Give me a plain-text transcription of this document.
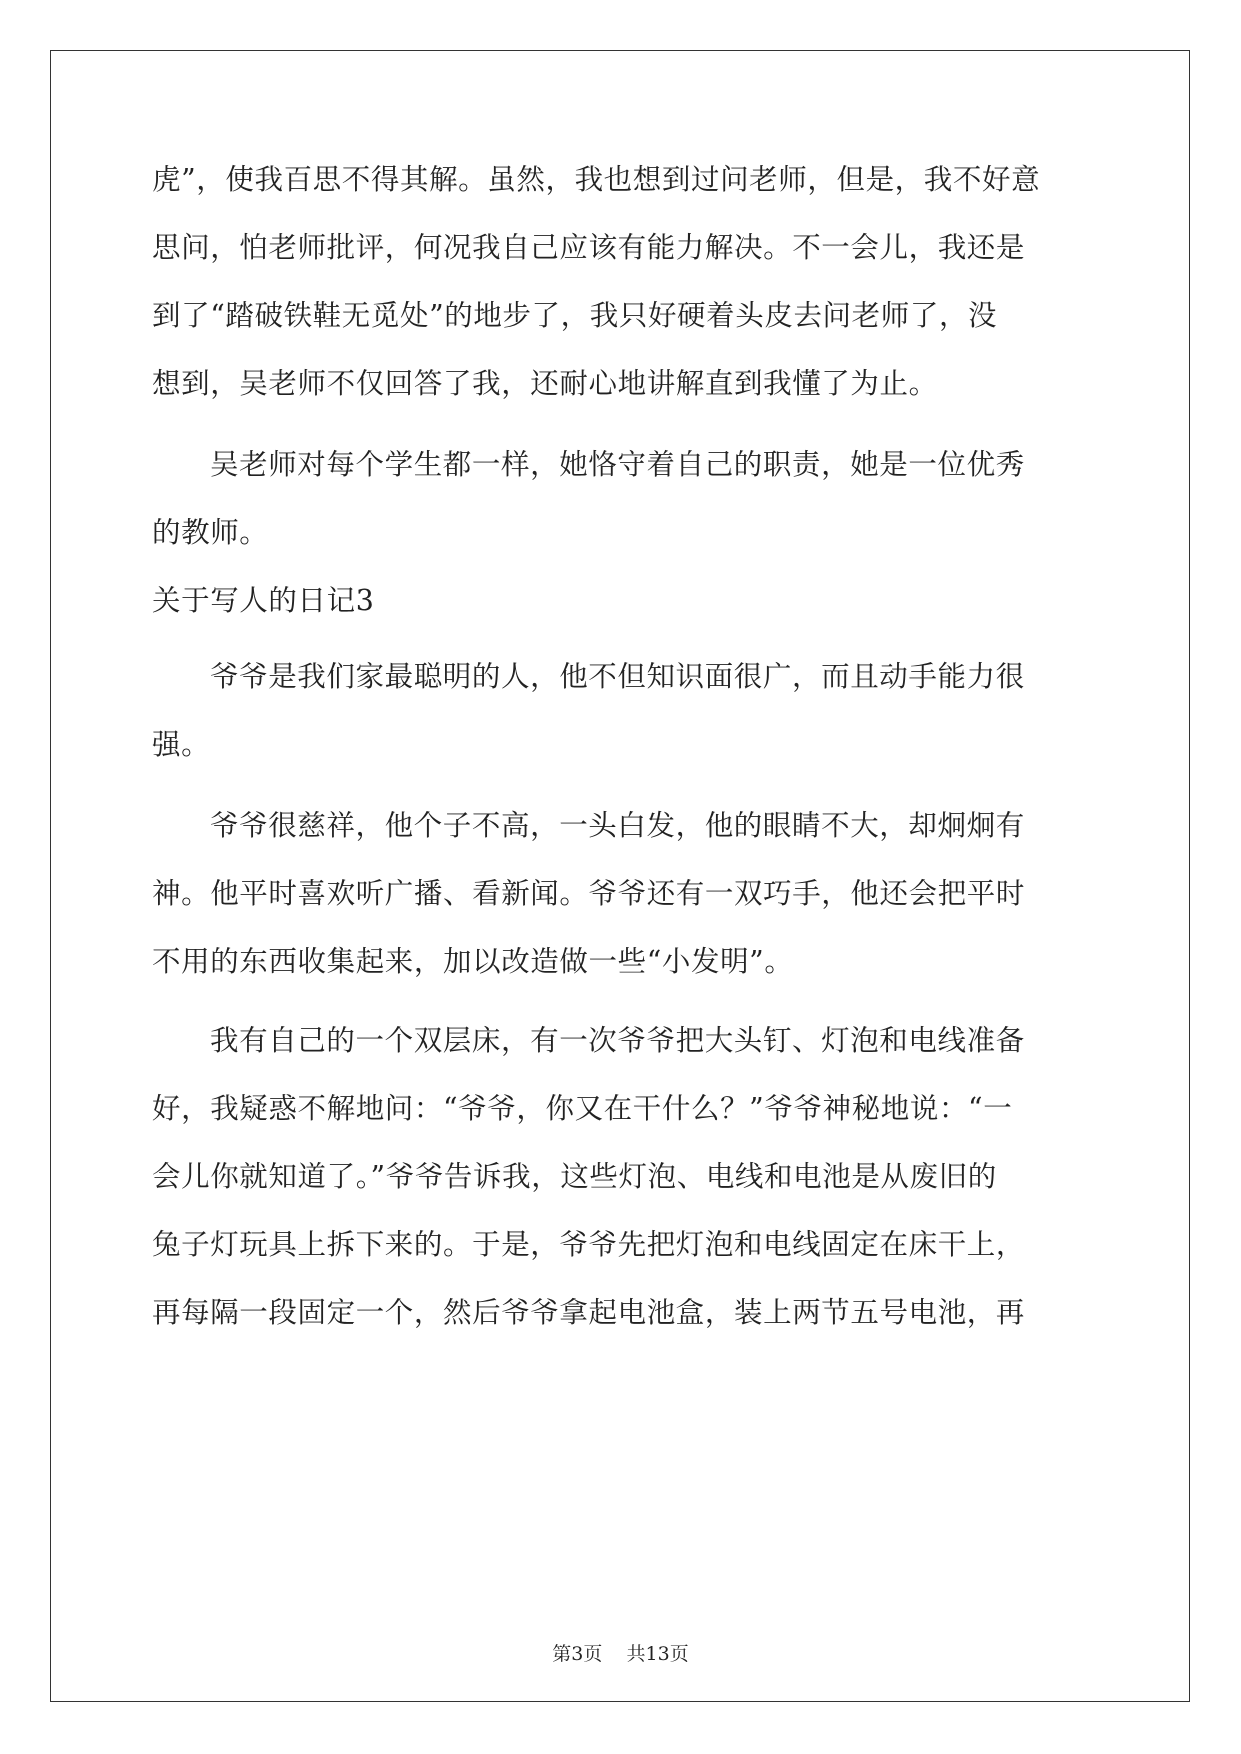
虎”，使我百思不得其解。虽然，我也想到过问老师，但是，我不好意
思问，怕老师批评，何况我自己应该有能力解决。不一会儿，我还是
到了“踏破铁鞋无觅处”的地步了，我只好硬着头皮去问老师了，没
想到，吴老师不仅回答了我，还耐心地讲解直到我懂了为止。
吴老师对每个学生都一样，她恪守着自己的职责，她是一位优秀
的教师。
关于写人的日记3
爷爷是我们家最聪明的人，他不但知识面很广，而且动手能力很
强。
爷爷很慈祥，他个子不高，一头白发，他的眼睛不大，却炯炯有
神。他平时喜欢听广播、看新闻。爷爷还有一双巧手，他还会把平时
不用的东西收集起来，加以改造做一些“小发明”。
我有自己的一个双层床，有一次爷爷把大头钉、灯泡和电线准备
好，我疑惑不解地问：“爷爷，你又在干什么？”爷爷神秘地说：“一
会儿你就知道了。”爷爷告诉我，这些灯泡、电线和电池是从废旧的
兔子灯玩具上拆下来的。于是，爷爷先把灯泡和电线固定在床干上，
再每隔一段固定一个，然后爷爷拿起电池盒，装上两节五号电池，再
第3页 共13页
